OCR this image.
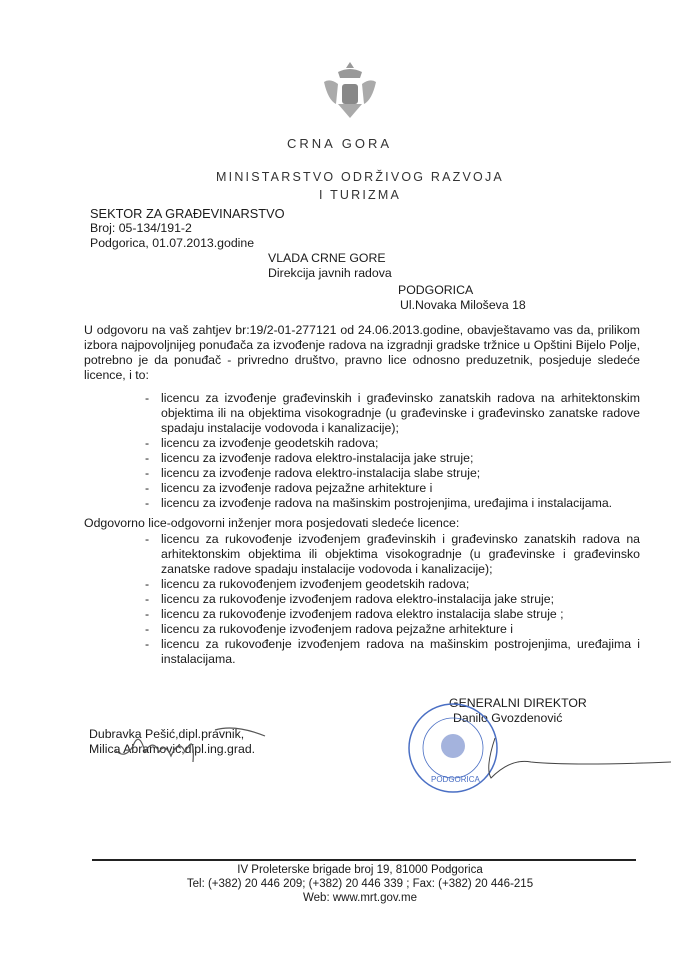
CRNA GORA
MINISTARSTVO ODRŽIVOG RAZVOJA
I TURIZMA
SEKTOR ZA GRAĐEVINARSTVO
Broj: 05-134/191-2
Podgorica, 01.07.2013.godine
VLADA CRNE GORE
Direkcija javnih radova
PODGORICA
Ul.Novaka Miloševa 18
U odgovoru na vaš zahtjev br:19/2-01-277121 od 24.06.2013.godine, obavještavamo vas da, prilikom izbora najpovoljnijeg ponuđača za izvođenje radova na izgradnji gradske tržnice u Opštini Bijelo Polje, potrebno je da ponuđač - privredno društvo, pravno lice odnosno preduzetnik, posjeduje sledeće licence, i to:
- licencu za izvođenje građevinskih i građevinsko zanatskih radova na arhitektonskim objektima ili na objektima visokogradnje (u građevinske i građevinsko zanatske radove spadaju instalacije vodovoda i kanalizacije);
- licencu za izvođenje geodetskih radova;
- licencu za izvođenje radova elektro-instalacija jake struje;
- licencu za izvođenje radova elektro-instalacija slabe struje;
- licencu za izvođenje radova pejzažne arhitekture i
- licencu za izvođenje radova na mašinskim postrojenjima, uređajima i instalacijama.
Odgovorno lice-odgovorni inženjer mora posjedovati sledeće licence:
- licencu za rukovođenje izvođenjem građevinskih i građevinsko zanatskih radova na arhitektonskim objektima ili objektima visokogradnje (u građevinske i građevinsko zanatske radove spadaju instalacije vodovoda i kanalizacije);
- licencu za rukovođenjem izvođenjem geodetskih radova;
- licencu za rukovođenje izvođenjem radova elektro-instalacija jake struje;
- licencu za rukovođenje izvođenjem radova elektro instalacija slabe struje ;
- licencu za rukovođenje izvođenjem radova pejzažne arhitekture i
- licencu za rukovođenje izvođenjem radova na mašinskim postrojenjima, uređajima i instalacijama.
Dubravka Pešić,dipl.pravnik,
Milica Abramović,dipl.ing.grad.
GENERALNI DIREKTOR
Danilo Gvozdenović
PODGORICA
IV Proleterske brigade broj 19, 81000 Podgorica
Tel: (+382) 20 446 209; (+382) 20 446 339 ; Fax: (+382) 20 446-215
Web: www.mrt.gov.me
